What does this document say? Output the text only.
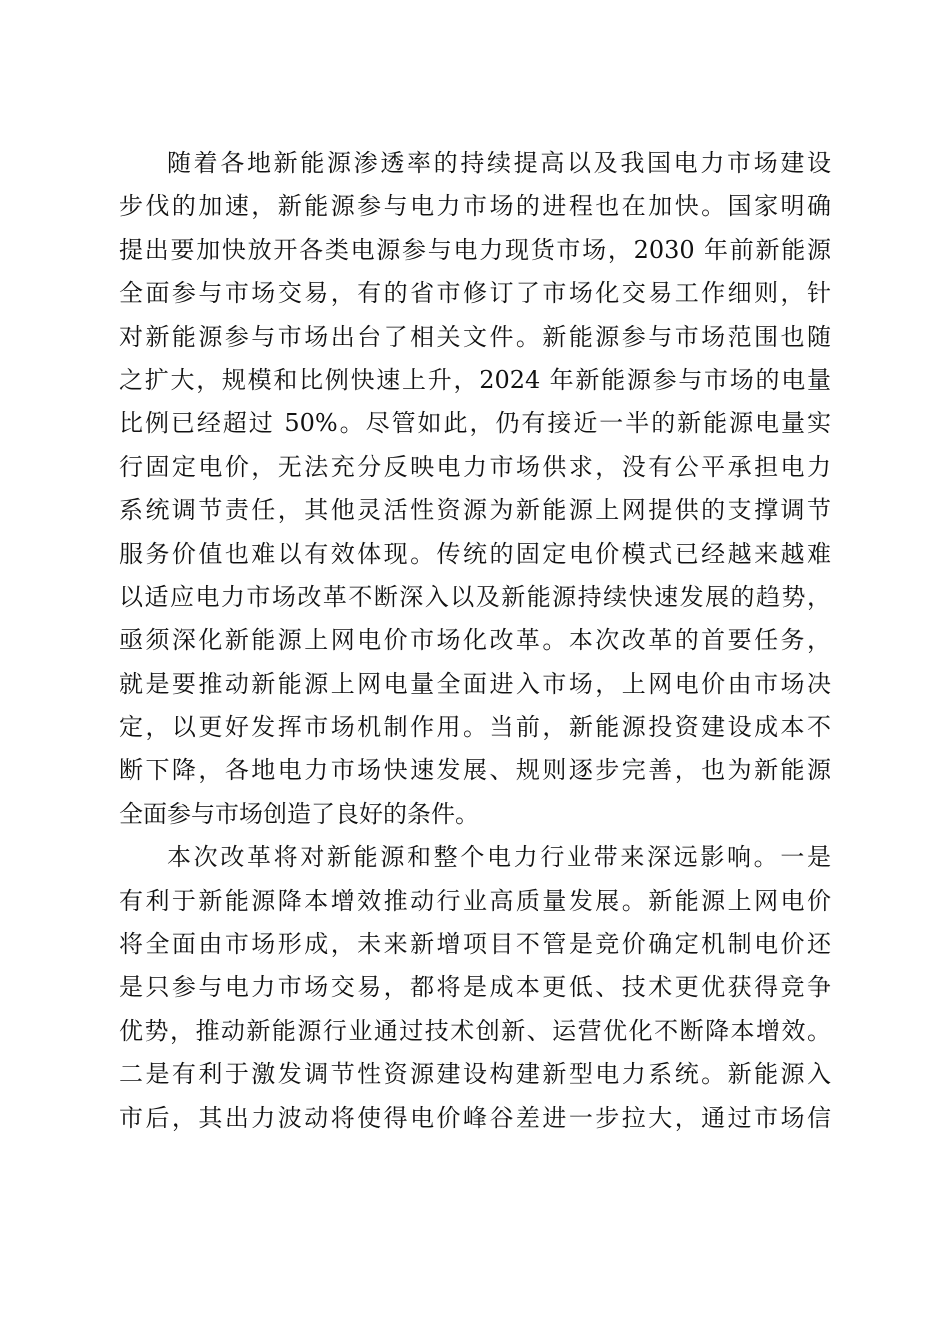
随着各地新能源渗透率的持续提高以及我国电力市场建设
步伐的加速，新能源参与电力市场的进程也在加快。国家明确
提出要加快放开各类电源参与电力现货市场，2030 年前新能源
全面参与市场交易，有的省市修订了市场化交易工作细则，针
对新能源参与市场出台了相关文件。新能源参与市场范围也随
之扩大，规模和比例快速上升，2024 年新能源参与市场的电量
比例已经超过 50%。尽管如此，仍有接近一半的新能源电量实
行固定电价，无法充分反映电力市场供求，没有公平承担电力
系统调节责任，其他灵活性资源为新能源上网提供的支撑调节
服务价值也难以有效体现。传统的固定电价模式已经越来越难
以适应电力市场改革不断深入以及新能源持续快速发展的趋势，
亟须深化新能源上网电价市场化改革。本次改革的首要任务，
就是要推动新能源上网电量全面进入市场，上网电价由市场决
定，以更好发挥市场机制作用。当前，新能源投资建设成本不
断下降，各地电力市场快速发展、规则逐步完善，也为新能源
全面参与市场创造了良好的条件。
本次改革将对新能源和整个电力行业带来深远影响。一是
有利于新能源降本增效推动行业高质量发展。新能源上网电价
将全面由市场形成，未来新增项目不管是竞价确定机制电价还
是只参与电力市场交易，都将是成本更低、技术更优获得竞争
优势，推动新能源行业通过技术创新、运营优化不断降本增效。
二是有利于激发调节性资源建设构建新型电力系统。新能源入
市后，其出力波动将使得电价峰谷差进一步拉大，通过市场信
